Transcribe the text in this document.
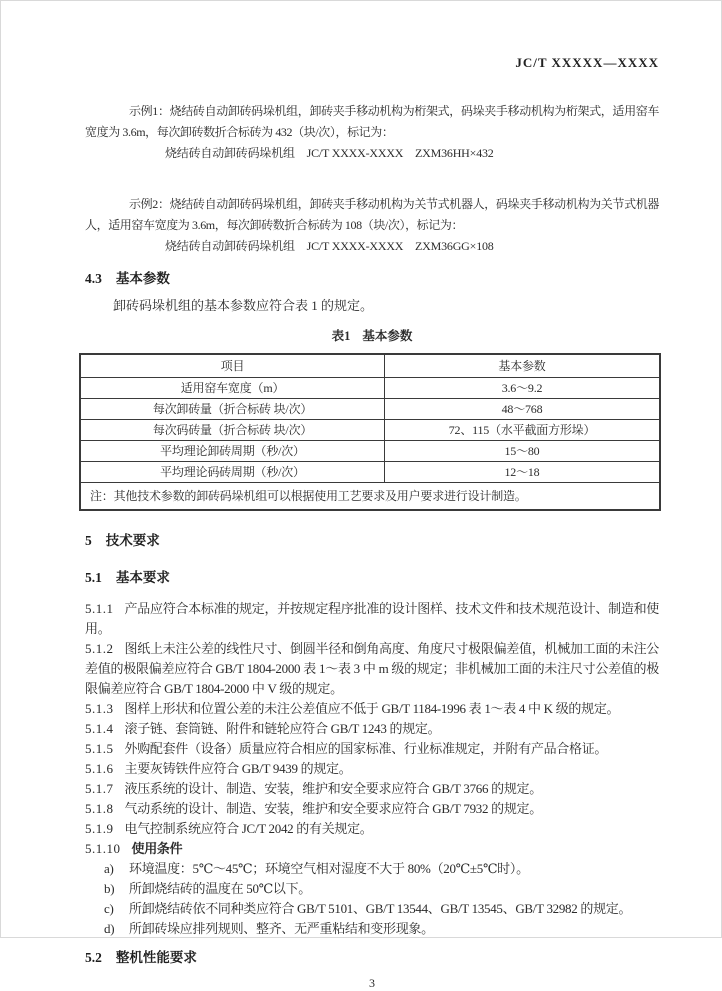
JC/T XXXXX—XXXX

示例1：烧结砖自动卸砖码垛机组，卸砖夹手移动机构为桁架式，码垛夹手移动机构为桁架式，适用窑车宽度为 3.6m，每次卸砖数折合标砖为 432（块/次），标记为：

烧结砖自动卸砖码垛机组　JC/T XXXX-XXXX　ZXM36HH×432

示例2：烧结砖自动卸砖码垛机组，卸砖夹手移动机构为关节式机器人，码垛夹手移动机构为关节式机器人，适用窑车宽度为 3.6m，每次卸砖数折合标砖为 108（块/次），标记为：

烧结砖自动卸砖码垛机组　JC/T XXXX-XXXX　ZXM36GG×108

4.3 基本参数

卸砖码垛机组的基本参数应符合表 1 的规定。

表1 基本参数
项目	基本参数
适用窑车宽度（m）	3.6～9.2
每次卸砖量（折合标砖 块/次）	48～768
每次码砖量（折合标砖 块/次）	72、115（水平截面方形垛）
平均理论卸砖周期（秒/次）	15～80
平均理论码砖周期（秒/次）	12～18
注：其他技术参数的卸砖码垛机组可以根据使用工艺要求及用户要求进行设计制造。	
5 技术要求
5.1 基本要求

5.1.1 产品应符合本标准的规定，并按规定程序批准的设计图样、技术文件和技术规范设计、制造和使用。

5.1.2 图纸上未注公差的线性尺寸、倒圆半径和倒角高度、角度尺寸极限偏差值，机械加工面的未注公差值的极限偏差应符合 GB/T 1804-2000 表 1～表 3 中 m 级的规定；非机械加工面的未注尺寸公差值的极限偏差应符合 GB/T 1804-2000 中 V 级的规定。

5.1.3 图样上形状和位置公差的未注公差值应不低于 GB/T 1184-1996 表 1～表 4 中 K 级的规定。

5.1.4 滚子链、套筒链、附件和链轮应符合 GB/T 1243 的规定。

5.1.5 外购配套件（设备）质量应符合相应的国家标准、行业标准规定，并附有产品合格证。

5.1.6 主要灰铸铁件应符合 GB/T 9439 的规定。

5.1.7 液压系统的设计、制造、安装，维护和安全要求应符合 GB/T 3766 的规定。

5.1.8 气动系统的设计、制造、安装，维护和安全要求应符合 GB/T 7932 的规定。

5.1.9 电气控制系统应符合 JC/T 2042 的有关规定。

5.1.10 使用条件

a) 环境温度：5℃～45℃；环境空气相对湿度不大于 80%（20℃±5℃时）。

b) 所卸烧结砖的温度在 50℃以下。

c) 所卸烧结砖依不同种类应符合 GB/T 5101、GB/T 13544、GB/T 13545、GB/T 32982 的规定。

d) 所卸砖垛应排列规则、整齐、无严重粘结和变形现象。

5.2 整机性能要求
3
